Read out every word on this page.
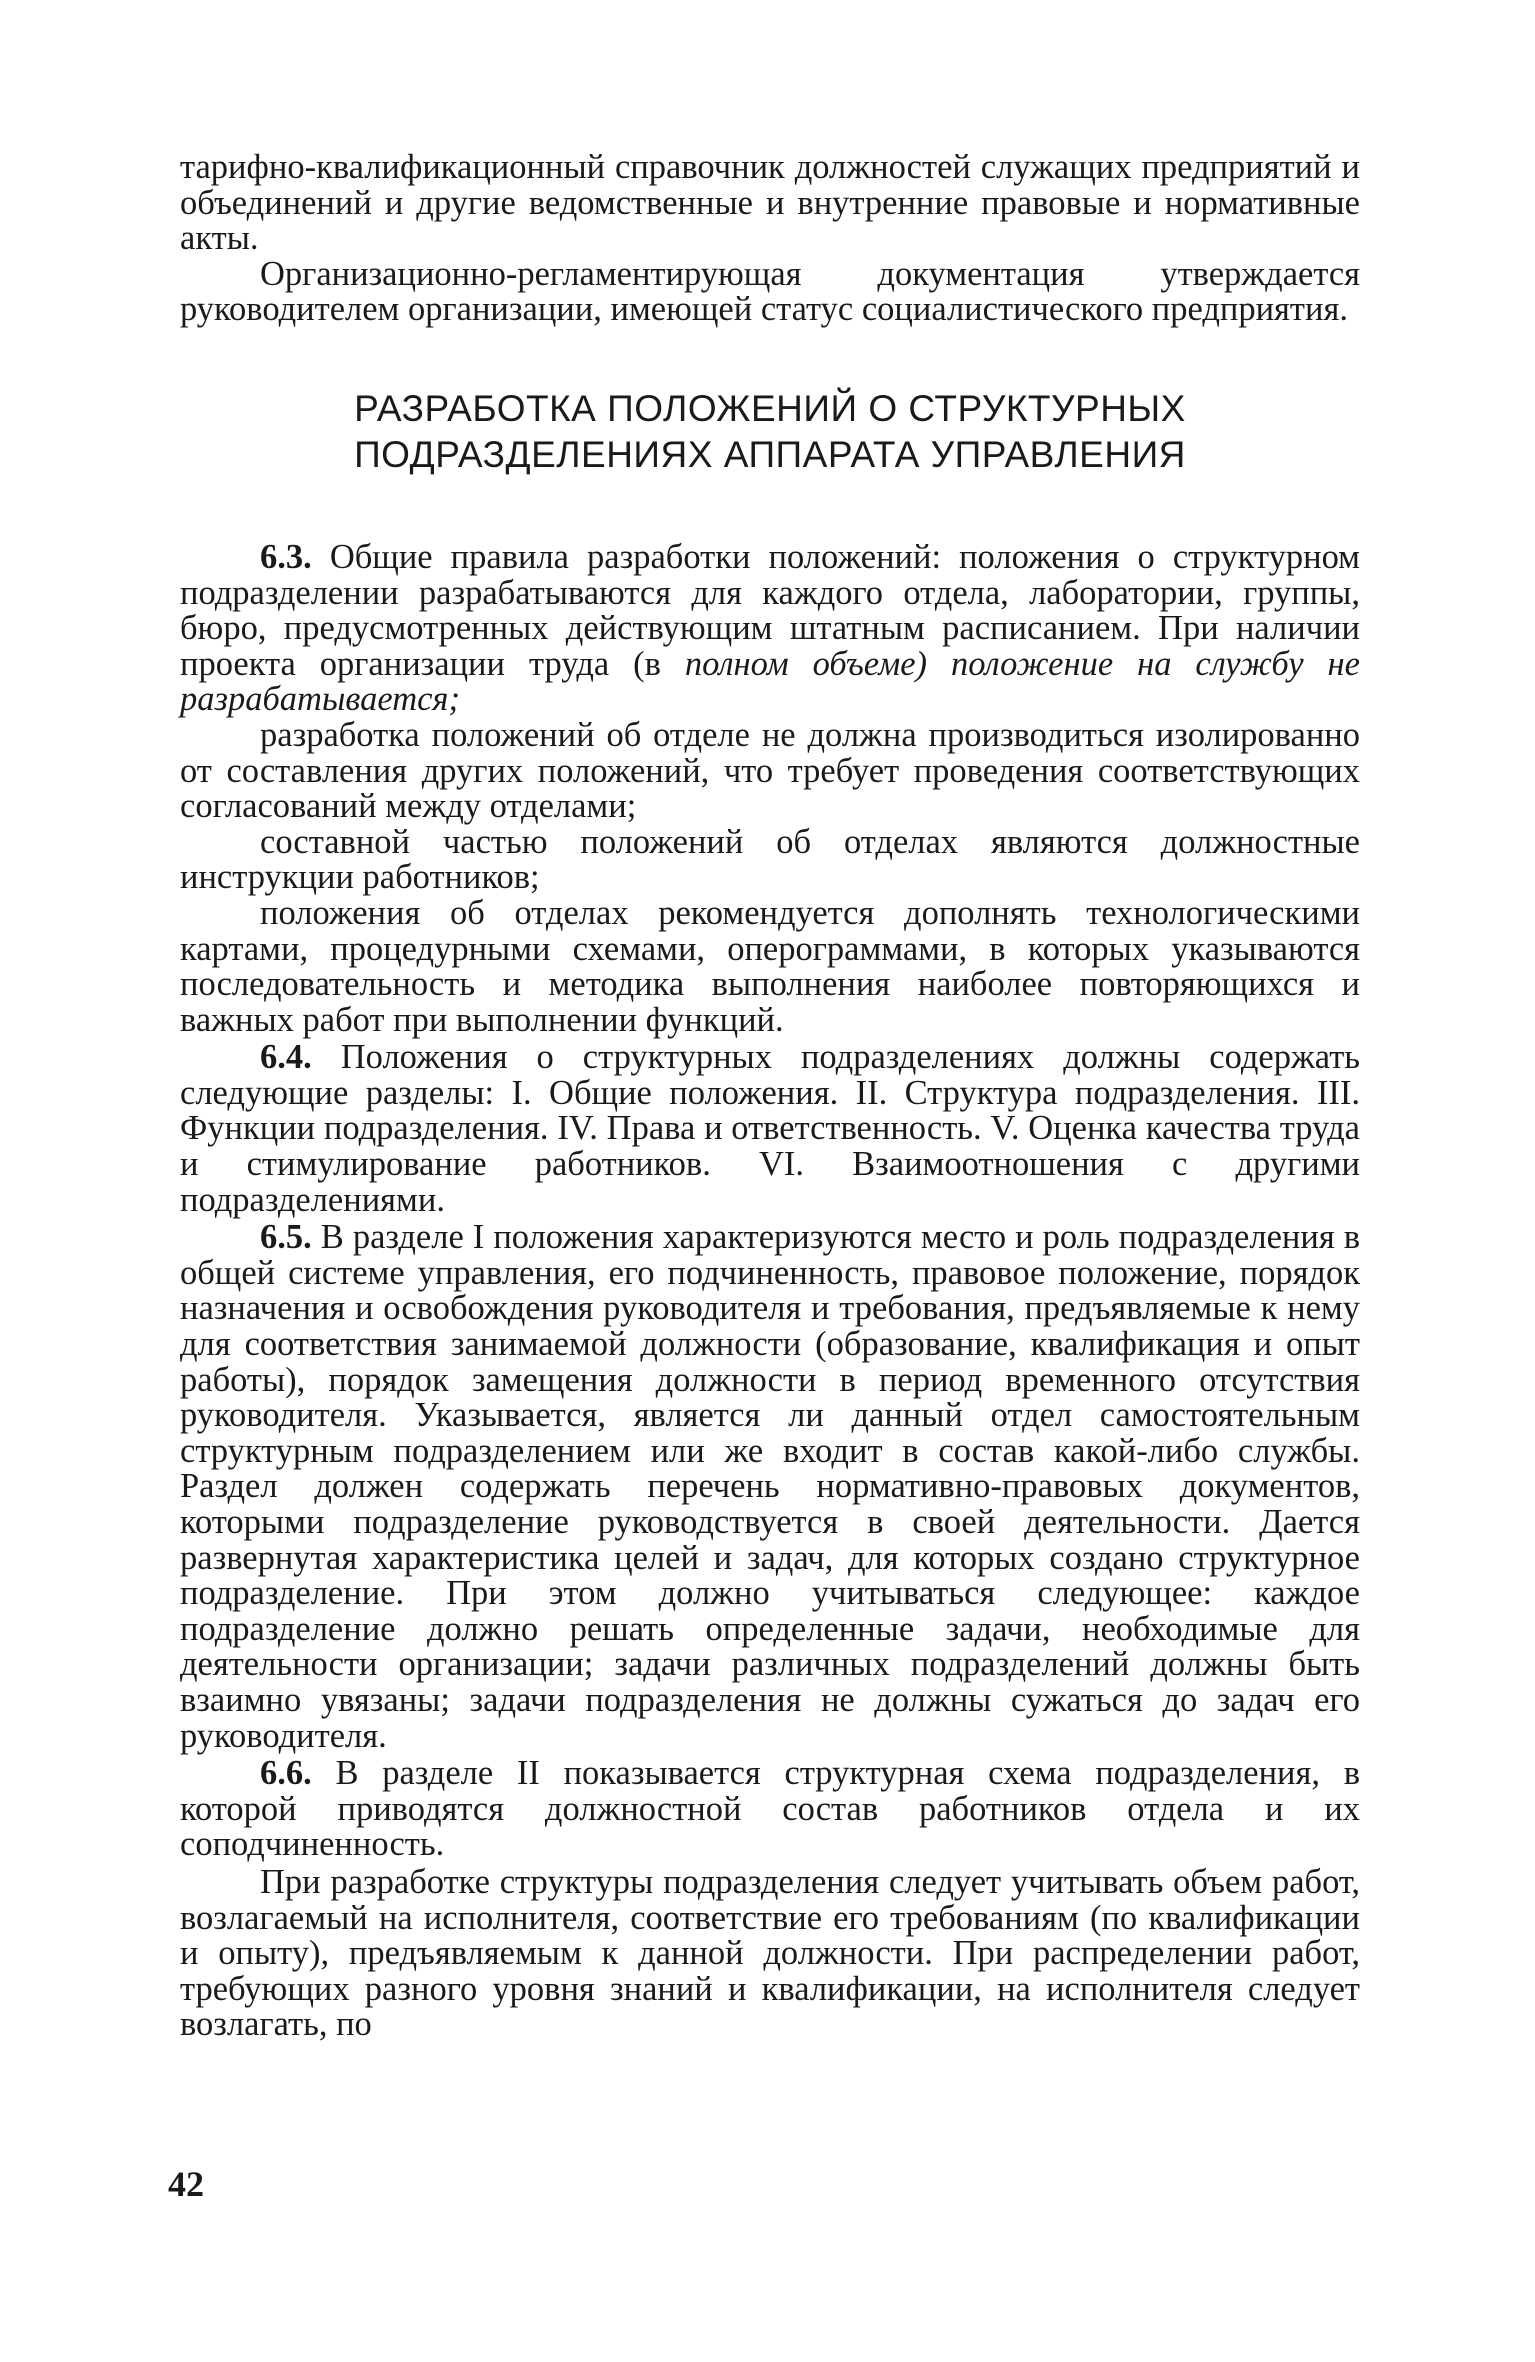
тарифно-квалификационный справочник должностей служащих предприятий и объединений и другие ведомственные и внутренние правовые и нормативные акты.

Организационно-регламентирующая документация утверждается руководителем организации, имеющей статус социалистического предприятия.

РАЗРАБОТКА ПОЛОЖЕНИЙ О СТРУКТУРНЫХ
ПОДРАЗДЕЛЕНИЯХ АППАРАТА УПРАВЛЕНИЯ

6.3. Общие правила разработки положений: положения о структурном подразделении разрабатываются для каждого отдела, лаборатории, группы, бюро, предусмотренных действующим штатным расписанием. При наличии проекта организации труда (в полном объеме) положение на службу не разрабатывается;

разработка положений об отделе не должна производиться изолированно от составления других положений, что требует проведения соответствующих согласований между отделами;

составной частью положений об отделах являются должностные инструкции работников;

положения об отделах рекомендуется дополнять технологическими картами, процедурными схемами, оперограммами, в которых указываются последовательность и методика выполнения наиболее повторяющихся и важных работ при выполнении функций.

6.4. Положения о структурных подразделениях должны содержать следующие разделы: I. Общие положения. II. Структура подразделения. III. Функции подразделения. IV. Права и ответственность. V. Оценка качества труда и стимулирование работников. VI. Взаимоотношения с другими подразделениями.

6.5. В разделе I положения характеризуются место и роль подразделения в общей системе управления, его подчиненность, правовое положение, порядок назначения и освобождения руководителя и требования, предъявляемые к нему для соответствия занимаемой должности (образование, квалификация и опыт работы), порядок замещения должности в период временного отсутствия руководителя. Указывается, является ли данный отдел самостоятельным структурным подразделением или же входит в состав какой-либо службы. Раздел должен содержать перечень нормативно-правовых документов, которыми подразделение руководствуется в своей деятельности. Дается развернутая характеристика целей и задач, для которых создано структурное подразделение. При этом должно учитываться следующее: каждое подразделение должно решать определенные задачи, необходимые для деятельности организации; задачи различных подразделений должны быть взаимно увязаны; задачи подразделения не должны сужаться до задач его руководителя.

6.6. В разделе II показывается структурная схема подразделения, в которой приводятся должностной состав работников отдела и их соподчиненность.

При разработке структуры подразделения следует учитывать объем работ, возлагаемый на исполнителя, соответствие его требованиям (по квалификации и опыту), предъявляемым к данной должности. При распределении работ, требующих разного уровня знаний и квалификации, на исполнителя следует возлагать, по

42
